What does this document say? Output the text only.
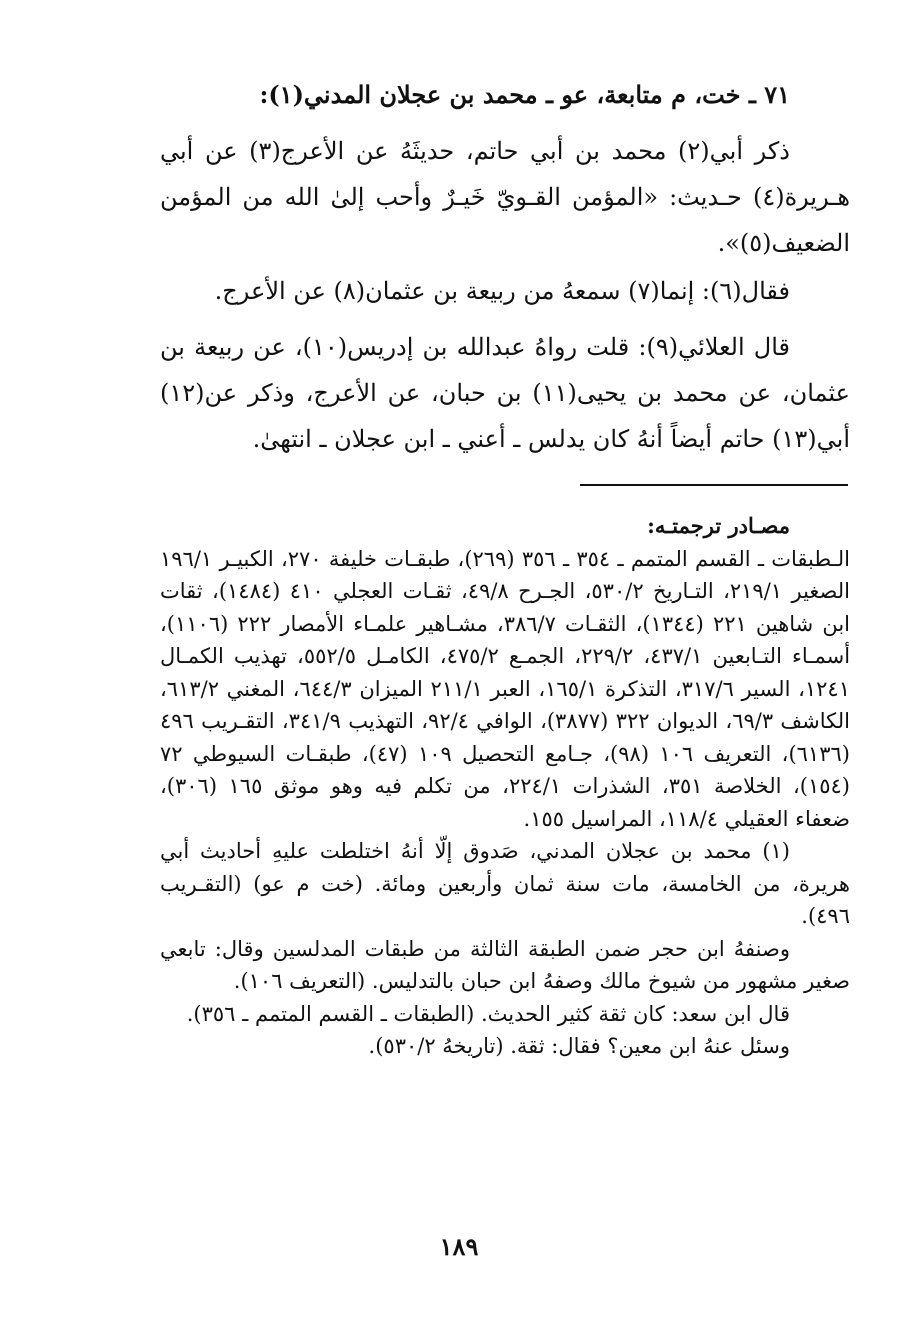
٧١ ـ خت، م متابعة، عو ـ محمد بن عجلان المدني(١):
ذكر أبي(٢) محمد بن أبي حاتم، حديثَهُ عن الأعرج(٣) عن أبي هـريرة(٤) حـديث: «المؤمن القـويّ خَيـرٌ وأحب إلىٰ الله من المؤمن الضعيف(٥)».
فقال(٦): إنما(٧) سمعهُ من ربيعة بن عثمان(٨) عن الأعرج.
قال العلائي(٩): قلت رواهُ عبدالله بن إدريس(١٠)، عن ربيعة بن عثمان، عن محمد بن يحيى(١١) بن حبان، عن الأعرج، وذكر عن(١٢) أبي(١٣) حاتم أيضاً أنهُ كان يدلس ـ أعني ـ ابن عجلان ـ انتهىٰ.

مصـادر ترجمتـه:

الـطبقات ـ القسم المتمم ـ ٣٥٤ ـ ٣٥٦ (٢٦٩)، طبقـات خليفة ٢٧٠، الكبيـر ١٩٦/١ الصغير ٢١٩/١، التـاريخ ٥٣٠/٢، الجـرح ٤٩/٨، ثقـات العجلي ٤١٠ (١٤٨٤)، ثقات ابن شاهين ٢٢١ (١٣٤٤)، الثقـات ٣٨٦/٧، مشـاهير علمـاء الأمصار ٢٢٢ (١١٠٦)، أسمـاء التـابعين ٤٣٧/١، ٢٢٩/٢، الجمـع ٤٧٥/٢، الكامـل ٥٥٢/٥، تهذيب الكمـال ١٢٤١، السير ٣١٧/٦، التذكرة ١٦٥/١، العبر ٢١١/١ الميزان ٦٤٤/٣، المغني ٦١٣/٢، الكاشف ٦٩/٣، الديوان ٣٢٢ (٣٨٧٧)، الوافي ٩٢/٤، التهذيب ٣٤١/٩، التقـريب ٤٩٦ (٦١٣٦)، التعريف ١٠٦ (٩٨)، جـامع التحصيل ١٠٩ (٤٧)، طبقـات السيوطي ٧٢ (١٥٤)، الخلاصة ٣٥١، الشذرات ٢٢٤/١، من تكلم فيه وهو موثق ١٦٥ (٣٠٦)، ضعفاء العقيلي ١١٨/٤، المراسيل ١٥٥.

(١) محمد بن عجلان المدني، صَدوق إلّا أنهُ اختلطت عليهِ أحاديث أبي هريرة، من الخامسة، مات سنة ثمان وأربعين ومائة. (خت م عو) (التقـريب ٤٩٦).

وصنفهُ ابن حجر ضمن الطبقة الثالثة من طبقات المدلسين وقال: تابعي صغير مشهور من شيوخ مالك وصفهُ ابن حبان بالتدليس. (التعريف ١٠٦).

قال ابن سعد: كان ثقة كثير الحديث. (الطبقات ـ القسم المتمم ـ ٣٥٦).

وسئل عنهُ ابن معين؟ فقال: ثقة. (تاريخهُ ٥٣٠/٢).

١٨٩
